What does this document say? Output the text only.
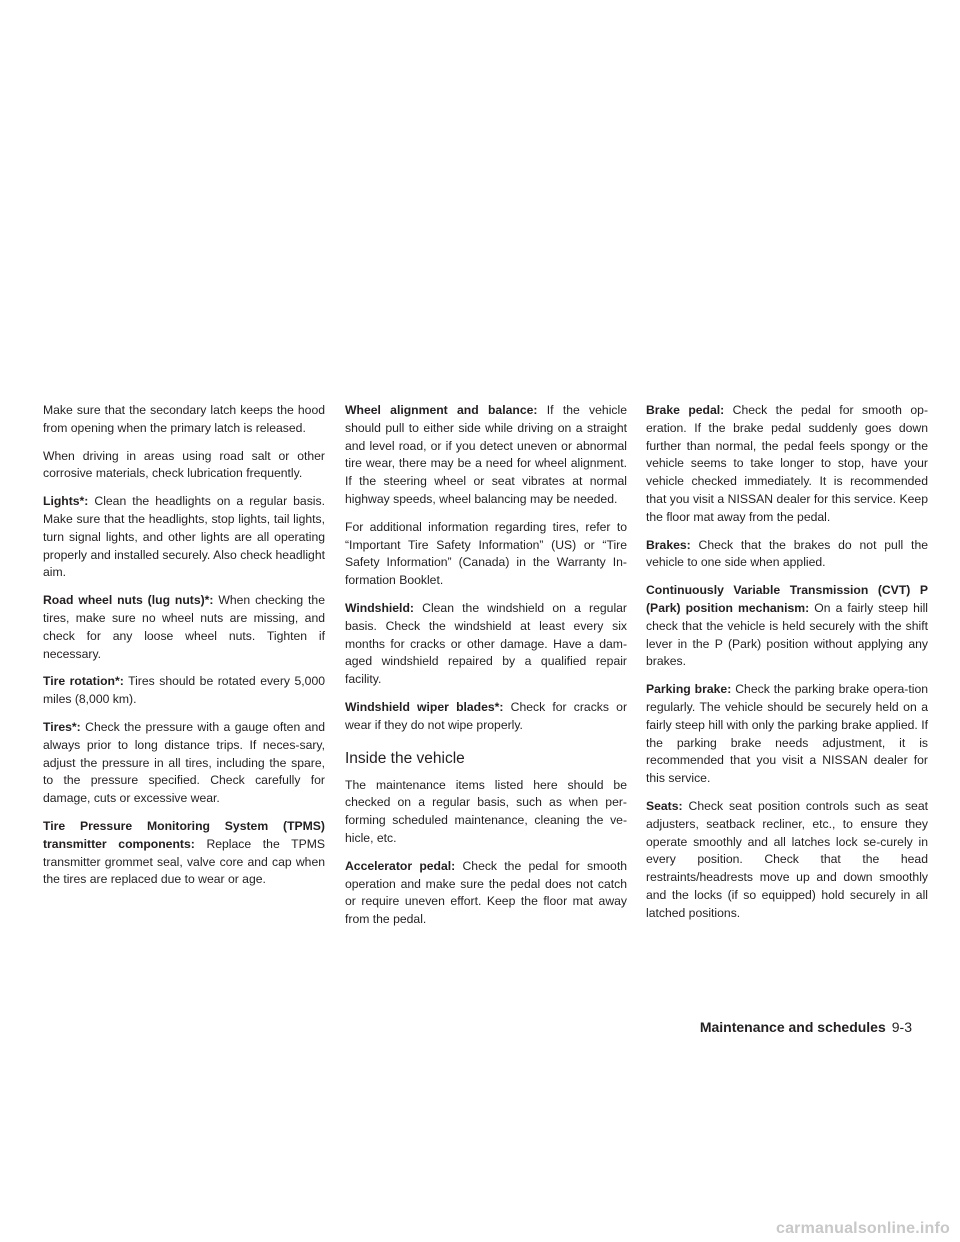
Make sure that the secondary latch keeps the hood from opening when the primary latch is released.

When driving in areas using road salt or other corrosive materials, check lubrication frequently.

Lights*: Clean the headlights on a regular basis. Make sure that the headlights, stop lights, tail lights, turn signal lights, and other lights are all operating properly and installed securely. Also check headlight aim.

Road wheel nuts (lug nuts)*: When checking the tires, make sure no wheel nuts are missing, and check for any loose wheel nuts. Tighten if necessary.

Tire rotation*: Tires should be rotated every 5,000 miles (8,000 km).

Tires*: Check the pressure with a gauge often and always prior to long distance trips. If neces-sary, adjust the pressure in all tires, including the spare, to the pressure specified. Check carefully for damage, cuts or excessive wear.

Tire Pressure Monitoring System (TPMS) transmitter components: Replace the TPMS transmitter grommet seal, valve core and cap when the tires are replaced due to wear or age.

Wheel alignment and balance: If the vehicle should pull to either side while driving on a straight and level road, or if you detect uneven or abnormal tire wear, there may be a need for wheel alignment. If the steering wheel or seat vibrates at normal highway speeds, wheel balancing may be needed.

For additional information regarding tires, refer to “Important Tire Safety Information” (US) or “Tire Safety Information” (Canada) in the Warranty In-formation Booklet.

Windshield: Clean the windshield on a regular basis. Check the windshield at least every six months for cracks or other damage. Have a dam-aged windshield repaired by a qualified repair facility.

Windshield wiper blades*: Check for cracks or wear if they do not wipe properly.

Inside the vehicle

The maintenance items listed here should be checked on a regular basis, such as when per-forming scheduled maintenance, cleaning the ve-hicle, etc.

Accelerator pedal: Check the pedal for smooth operation and make sure the pedal does not catch or require uneven effort. Keep the floor mat away from the pedal.

Brake pedal: Check the pedal for smooth op-eration. If the brake pedal suddenly goes down further than normal, the pedal feels spongy or the vehicle seems to take longer to stop, have your vehicle checked immediately. It is recommended that you visit a NISSAN dealer for this service. Keep the floor mat away from the pedal.

Brakes: Check that the brakes do not pull the vehicle to one side when applied.

Continuously Variable Transmission (CVT) P (Park) position mechanism: On a fairly steep hill check that the vehicle is held securely with the shift lever in the P (Park) position without applying any brakes.

Parking brake: Check the parking brake opera-tion regularly. The vehicle should be securely held on a fairly steep hill with only the parking brake applied. If the parking brake needs adjustment, it is recommended that you visit a NISSAN dealer for this service.

Seats: Check seat position controls such as seat adjusters, seatback recliner, etc., to ensure they operate smoothly and all latches lock se-curely in every position. Check that the head restraints/headrests move up and down smoothly and the locks (if so equipped) hold securely in all latched positions.

Maintenance and schedules 9-3
carmanualsonline.info
